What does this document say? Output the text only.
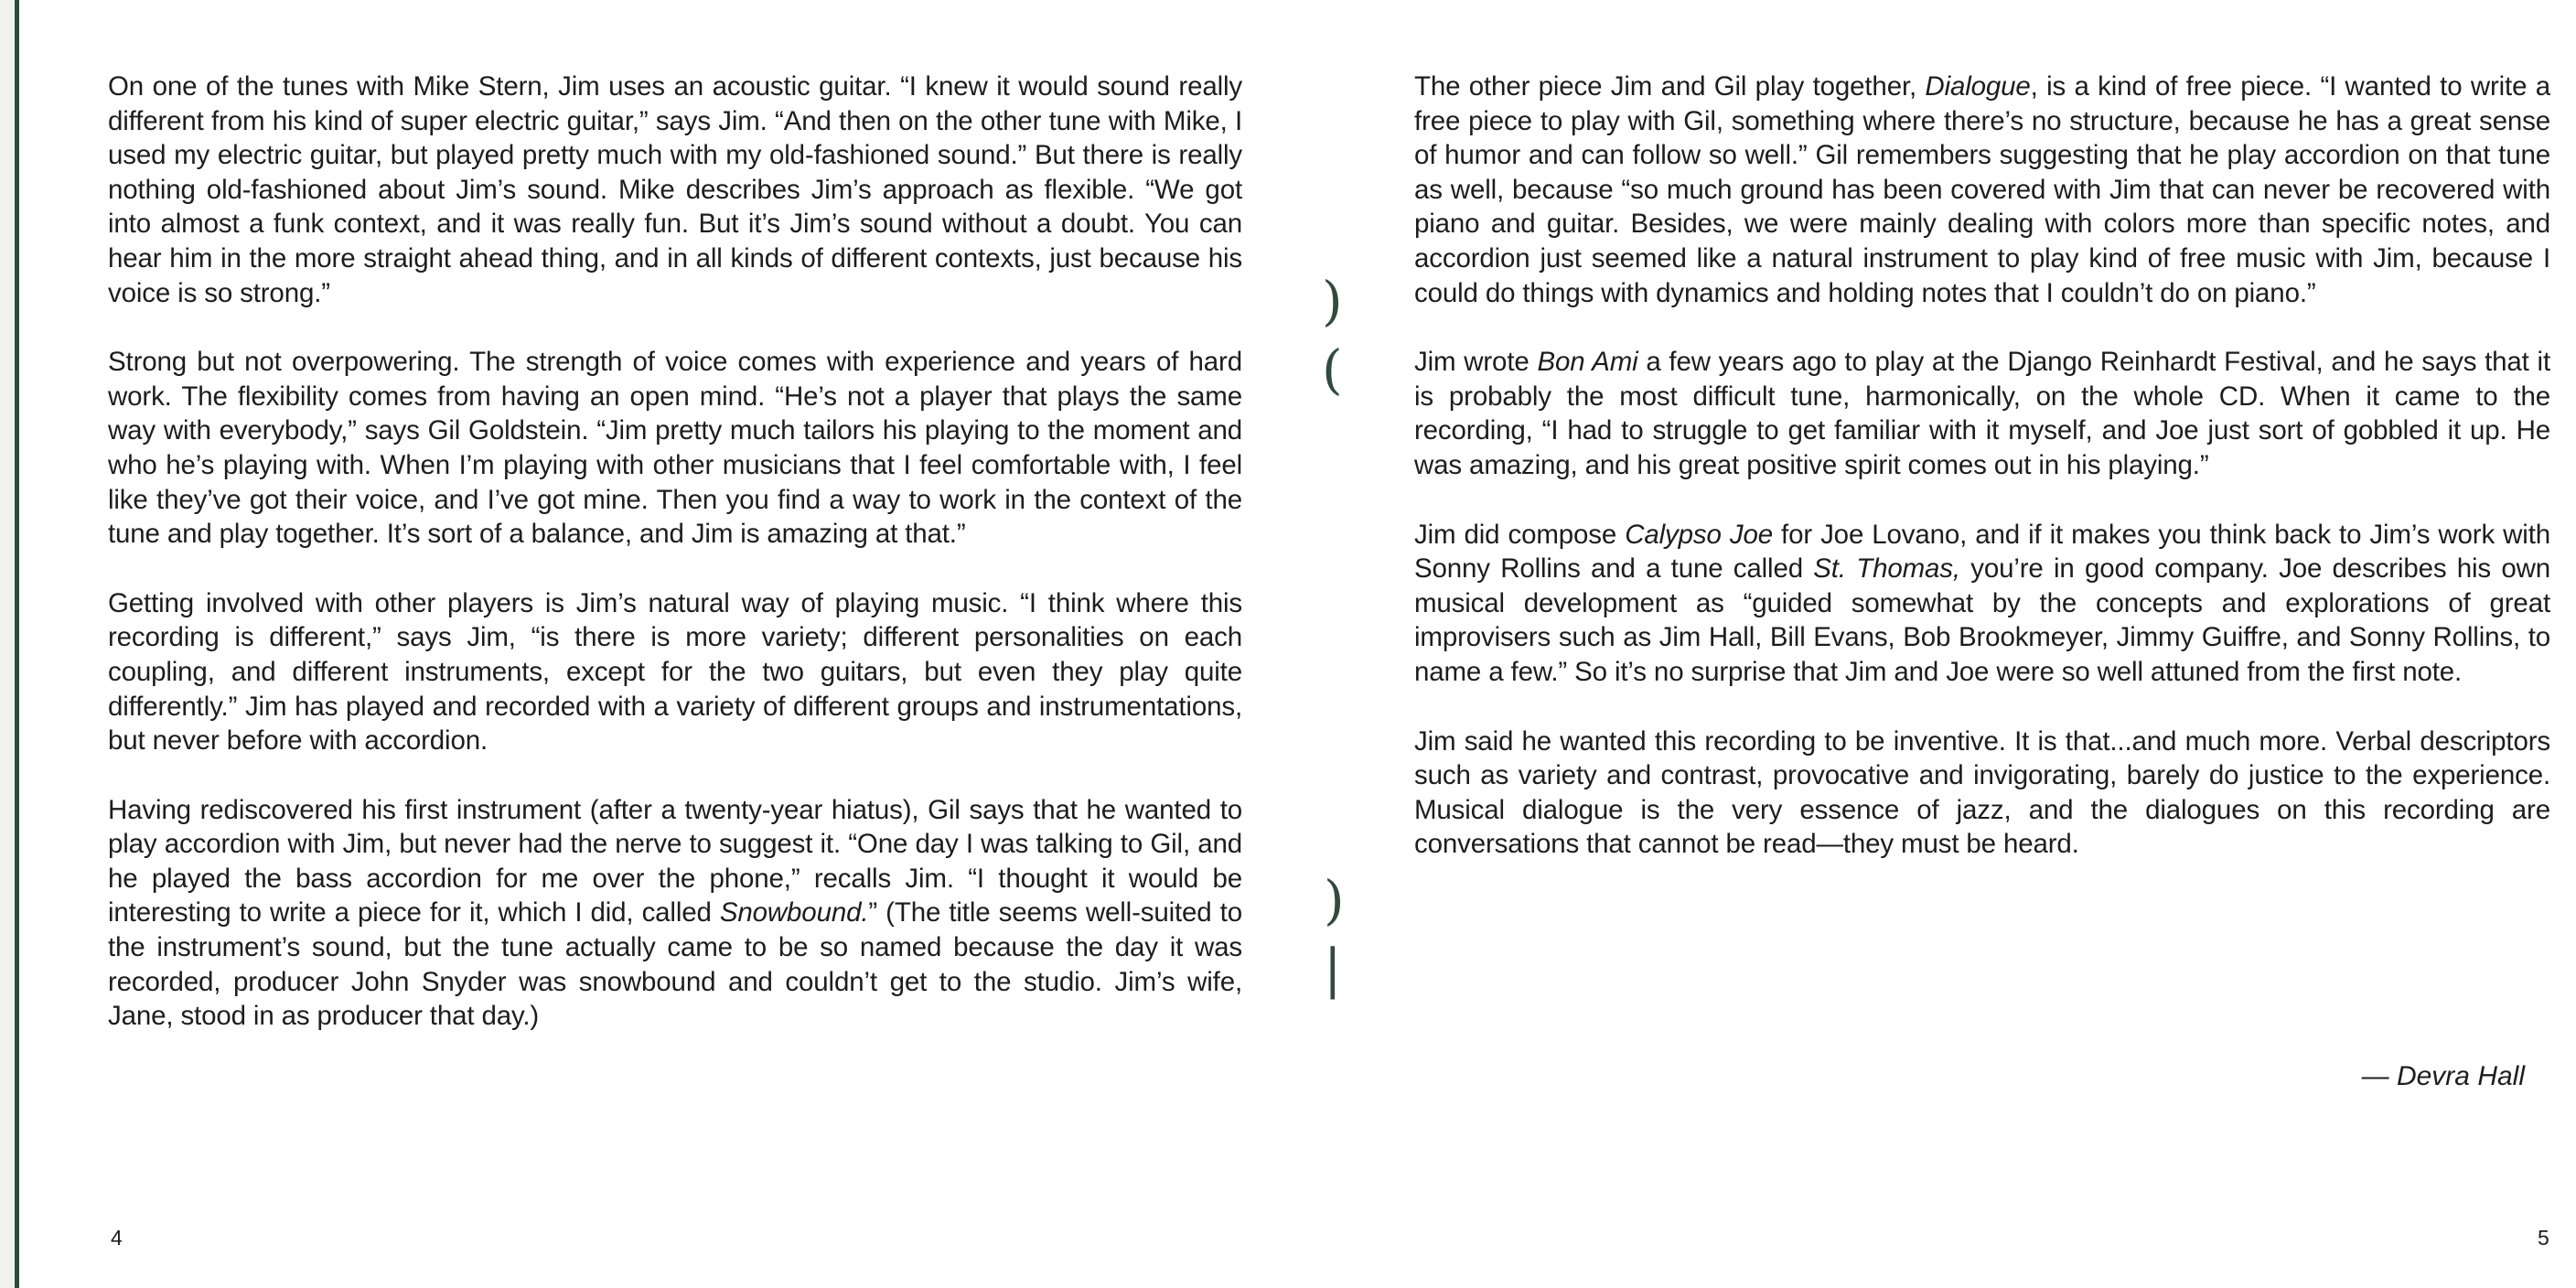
On one of the tunes with Mike Stern, Jim uses an acoustic guitar. “I knew it would sound really different from his kind of super electric guitar,” says Jim. “And then on the other tune with Mike, I used my electric guitar, but played pretty much with my old-fashioned sound.” But there is really nothing old-fashioned about Jim’s sound. Mike describes Jim’s approach as flexible. “We got into almost a funk context, and it was really fun. But it’s Jim’s sound without a doubt. You can hear him in the more straight ahead thing, and in all kinds of different contexts, just because his voice is so strong.”

Strong but not overpowering. The strength of voice comes with experience and years of hard work. The flexibility comes from having an open mind. “He’s not a player that plays the same way with everybody,” says Gil Goldstein. “Jim pretty much tailors his playing to the moment and who he’s playing with. When I’m playing with other musicians that I feel comfortable with, I feel like they’ve got their voice, and I’ve got mine. Then you find a way to work in the context of the tune and play together. It’s sort of a balance, and Jim is amazing at that.”

Getting involved with other players is Jim’s natural way of playing music. “I think where this recording is different,” says Jim, “is there is more variety; different personalities on each coupling, and different instruments, except for the two guitars, but even they play quite differently.” Jim has played and recorded with a variety of different groups and instrumentations, but never before with accordion.

Having rediscovered his first instrument (after a twenty-year hiatus), Gil says that he wanted to play accordion with Jim, but never had the nerve to suggest it. “One day I was talking to Gil, and he played the bass accordion for me over the phone,” recalls Jim. “I thought it would be interesting to write a piece for it, which I did, called Snowbound.” (The title seems well-suited to the instrument’s sound, but the tune actually came to be so named because the day it was recorded, producer John Snyder was snowbound and couldn’t get to the studio. Jim’s wife, Jane, stood in as producer that day.)

The other piece Jim and Gil play together, Dialogue, is a kind of free piece. “I wanted to write a free piece to play with Gil, something where there’s no structure, because he has a great sense of humor and can follow so well.” Gil remembers suggesting that he play accordion on that tune as well, because “so much ground has been covered with Jim that can never be recovered with piano and guitar. Besides, we were mainly dealing with colors more than specific notes, and accordion just seemed like a natural instrument to play kind of free music with Jim, because I could do things with dynamics and holding notes that I couldn’t do on piano.”

Jim wrote Bon Ami a few years ago to play at the Django Reinhardt Festival, and he says that it is probably the most difficult tune, harmonically, on the whole CD. When it came to the recording, “I had to struggle to get familiar with it myself, and Joe just sort of gobbled it up. He was amazing, and his great positive spirit comes out in his playing.”

Jim did compose Calypso Joe for Joe Lovano, and if it makes you think back to Jim’s work with Sonny Rollins and a tune called St. Thomas, you’re in good company. Joe describes his own musical development as “guided somewhat by the concepts and explorations of great improvisers such as Jim Hall, Bill Evans, Bob Brookmeyer, Jimmy Guiffre, and Sonny Rollins, to name a few.” So it’s no surprise that Jim and Joe were so well attuned from the first note.

Jim said he wanted this recording to be inventive. It is that...and much more. Verbal descriptors such as variety and contrast, provocative and invigorating, barely do justice to the experience. Musical dialogue is the very essence of jazz, and the dialogues on this recording are conversations that cannot be read—they must be heard.

— Devra Hall
)
(
)
|
4	5
